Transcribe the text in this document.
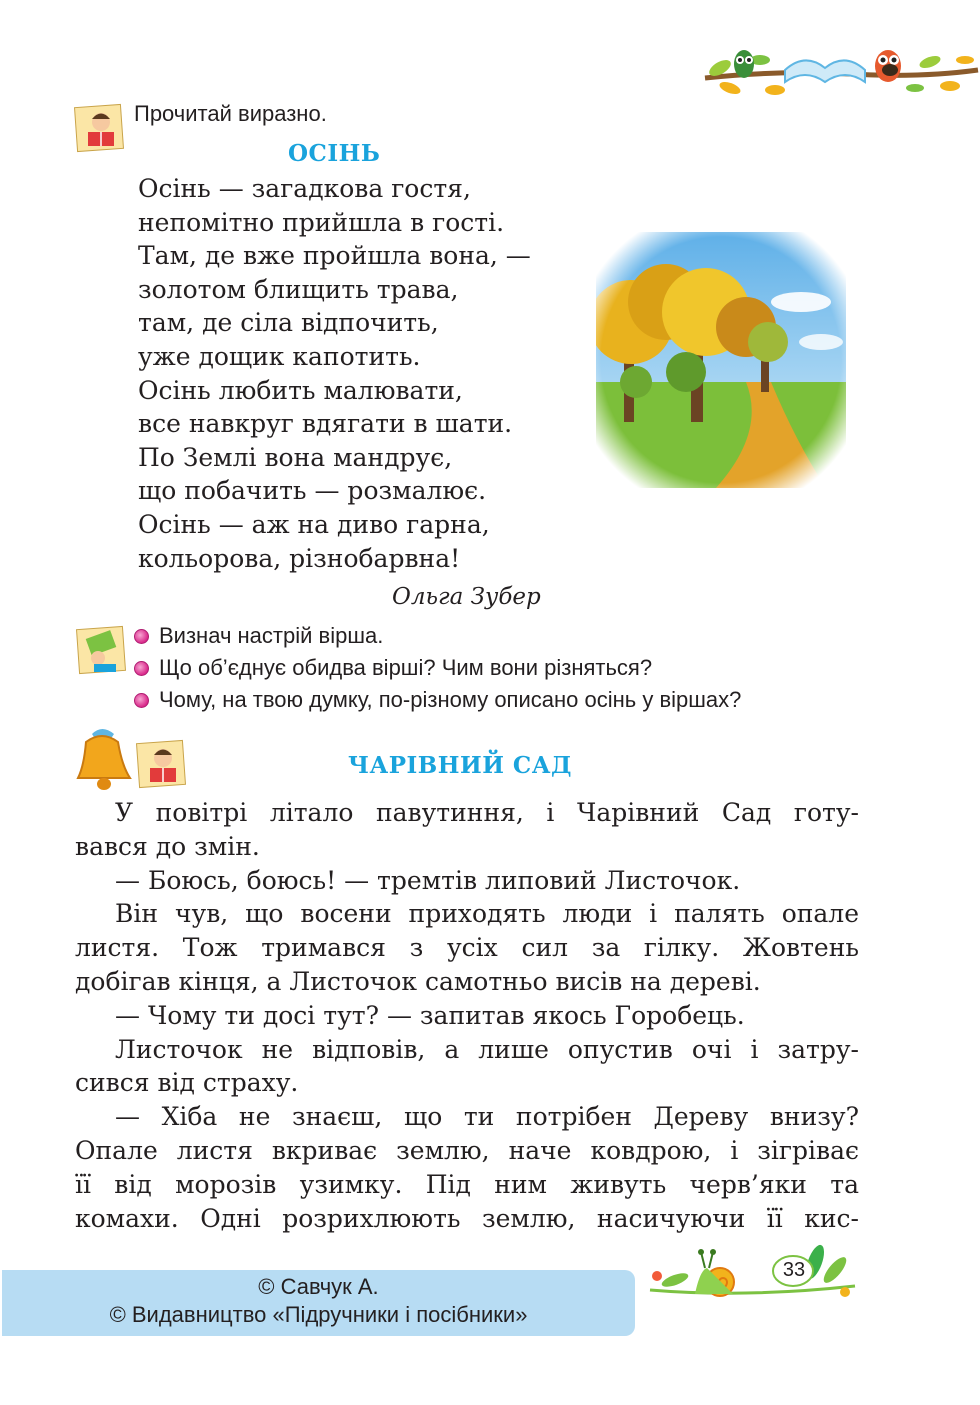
Прочитай виразно.
ОСІНЬ
Осінь — загадкова гостя,
непомітно прийшла в гості.
Там, де вже пройшла вона, —
золотом блищить трава,
там, де сіла відпочить,
уже дощик капотить.
Осінь любить малювати,
все навкруг вдягати в шати.
По Землі вона мандрує,
що побачить — розмалює.
Осінь — аж на диво гарна,
кольорова, різнобарвна!
Ольга Зубер
Визнач настрій вірша.
Що об’єднує обидва вірші? Чим вони різняться?
Чому, на твою думку, по-різному описано осінь у віршах?
ЧАРІВНИЙ САД

У повітрі літало павутиння, і Чарівний Сад готу-
вався до змін.

— Боюсь, боюсь! — тремтів липовий Листочок.

Він чув, що восени приходять люди і палять опале
листя. Тож тримався з усіх сил за гілку. Жовтень
добігав кінця, а Листочок самотньо висів на дереві.

— Чому ти досі тут? — запитав якось Горобець.

Листочок не відповів, а лише опустив очі і затру-
сився від страху.

— Хіба не знаєш, що ти потрібен Дереву внизу?
Опале листя вкриває землю, наче ковдрою, і зігріває
її від морозів узимку. Під ним живуть черв’яки та
комахи. Одні розрихлюють землю, насичуючи її кис-

© Савчук А.
© Видавництво «Підручники і посібники»
33
